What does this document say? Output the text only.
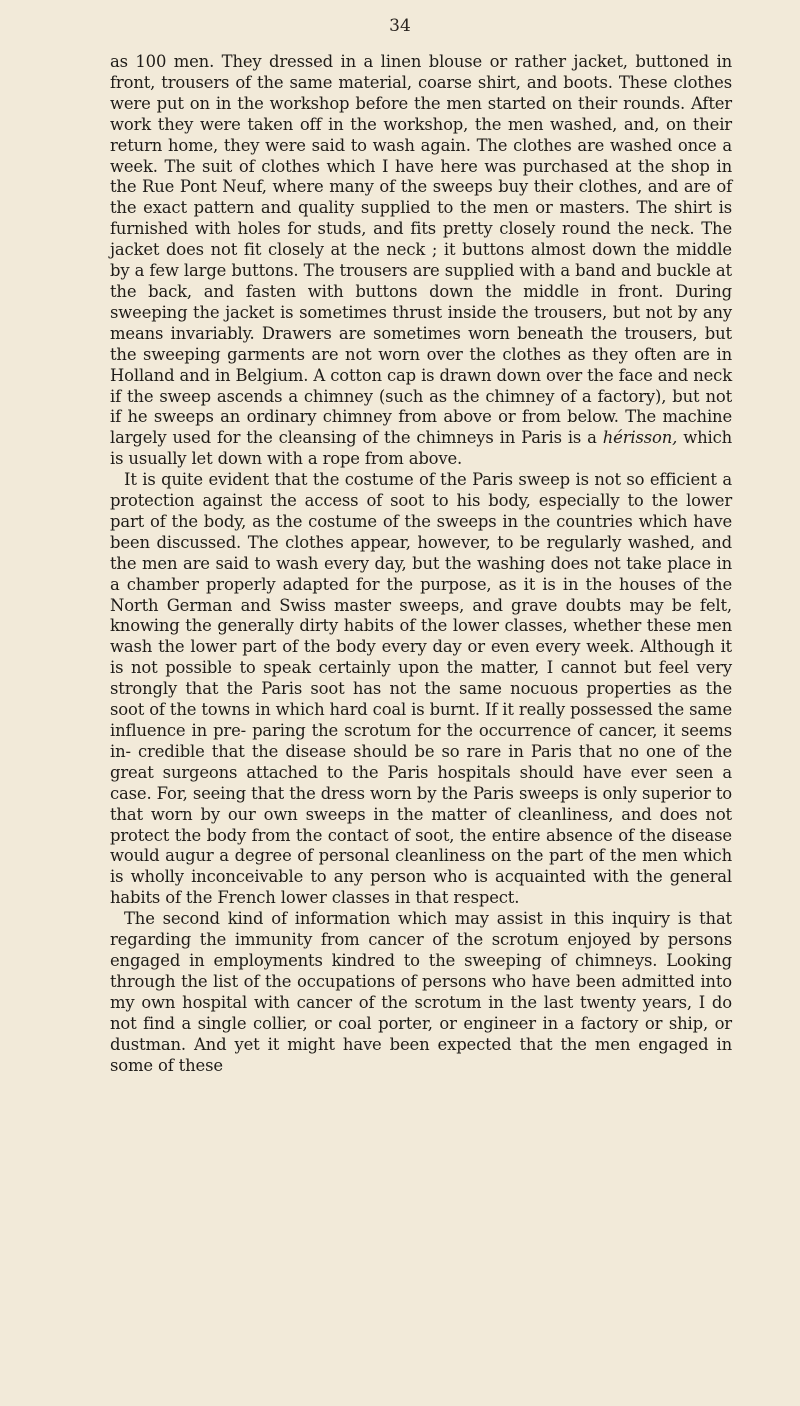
34

as 100 men. They dressed in a linen blouse or rather jacket, buttoned in front, trousers of the same material, coarse shirt, and boots. These clothes were put on in the workshop before the men started on their rounds. After work they were taken off in the workshop, the men washed, and, on their return home, they were said to wash again. The clothes are washed once a week. The suit of clothes which I have here was purchased at the shop in the Rue Pont Neuf, where many of the sweeps buy their clothes, and are of the exact pattern and quality supplied to the men or masters. The shirt is furnished with holes for studs, and fits pretty closely round the neck. The jacket does not fit closely at the neck ; it buttons almost down the middle by a few large buttons. The trousers are supplied with a band and buckle at the back, and fasten with buttons down the middle in front. During sweeping the jacket is sometimes thrust inside the trousers, but not by any means invariably. Drawers are sometimes worn beneath the trousers, but the sweeping garments are not worn over the clothes as they often are in Holland and in Belgium. A cotton cap is drawn down over the face and neck if the sweep ascends a chimney (such as the chimney of a factory), but not if he sweeps an ordinary chimney from above or from below. The machine largely used for the cleansing of the chimneys in Paris is a hérisson, which is usually let down with a rope from above.

It is quite evident that the costume of the Paris sweep is not so efficient a protection against the access of soot to his body, especially to the lower part of the body, as the costume of the sweeps in the countries which have been discussed. The clothes appear, however, to be regularly washed, and the men are said to wash every day, but the washing does not take place in a chamber properly adapted for the purpose, as it is in the houses of the North German and Swiss master sweeps, and grave doubts may be felt, knowing the generally dirty habits of the lower classes, whether these men wash the lower part of the body every day or even every week. Although it is not possible to speak certainly upon the matter, I cannot but feel very strongly that the Paris soot has not the same nocuous properties as the soot of the towns in which hard coal is burnt. If it really possessed the same influence in pre- paring the scrotum for the occurrence of cancer, it seems in- credible that the disease should be so rare in Paris that no one of the great surgeons attached to the Paris hospitals should have ever seen a case. For, seeing that the dress worn by the Paris sweeps is only superior to that worn by our own sweeps in the matter of cleanliness, and does not protect the body from the contact of soot, the entire absence of the disease would augur a degree of personal cleanliness on the part of the men which is wholly inconceivable to any person who is acquainted with the general habits of the French lower classes in that respect.

The second kind of information which may assist in this inquiry is that regarding the immunity from cancer of the scrotum enjoyed by persons engaged in employments kindred to the sweeping of chimneys. Looking through the list of the occupations of persons who have been admitted into my own hospital with cancer of the scrotum in the last twenty years, I do not find a single collier, or coal porter, or engineer in a factory or ship, or dustman. And yet it might have been expected that the men engaged in some of these
